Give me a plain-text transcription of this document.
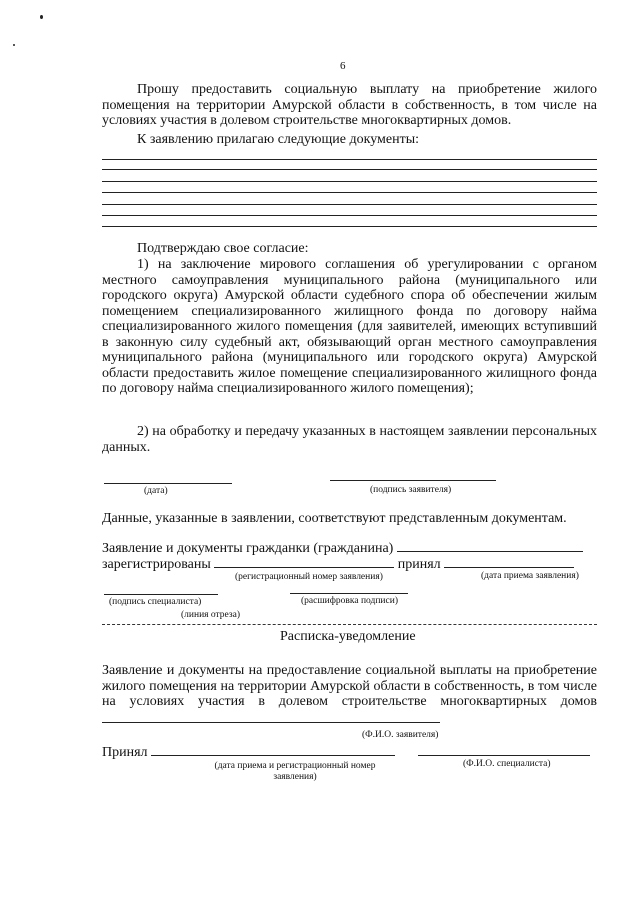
6
Прошу предоставить социальную выплату на приобретение жилого помещения на территории Амурской области в собственность, в том числе на условиях участия в долевом строительстве многоквартирных домов.
К заявлению прилагаю следующие документы:
Подтверждаю свое согласие:
1) на заключение мирового соглашения об урегулировании с органом местного самоуправления муниципального района (муниципального или городского округа) Амурской области судебного спора об обеспечении жилым помещением специализированного жилищного фонда по договору найма специализированного жилого помещения (для заявителей, имеющих вступивший в законную силу судебный акт, обязывающий орган местного самоуправления муниципального района (муниципального или городского округа) Амурской области предоставить жилое помещение специализированного жилищного фонда по договору найма специализированного жилого помещения);
2) на обработку и передачу указанных в настоящем заявлении персональных данных.
(дата)	(подпись заявителя)
Данные, указанные в заявлении, соответствуют представленным документам.
Заявление и документы гражданки (гражданина)
зарегистрированы	принял
(регистрационный номер заявления)	(дата приема заявления)
(подпись специалиста)	(расшифровка подписи)
(линия отреза)
Расписка-уведомление
Заявление и документы на предоставление социальной выплаты на приобретение жилого помещения на территории Амурской области в собственность, в том числе на условиях участия в долевом строительстве многоквартирных домов
(Ф.И.О. заявителя)
Принял
(дата приема и регистрационный номер заявления)
(Ф.И.О. специалиста)
